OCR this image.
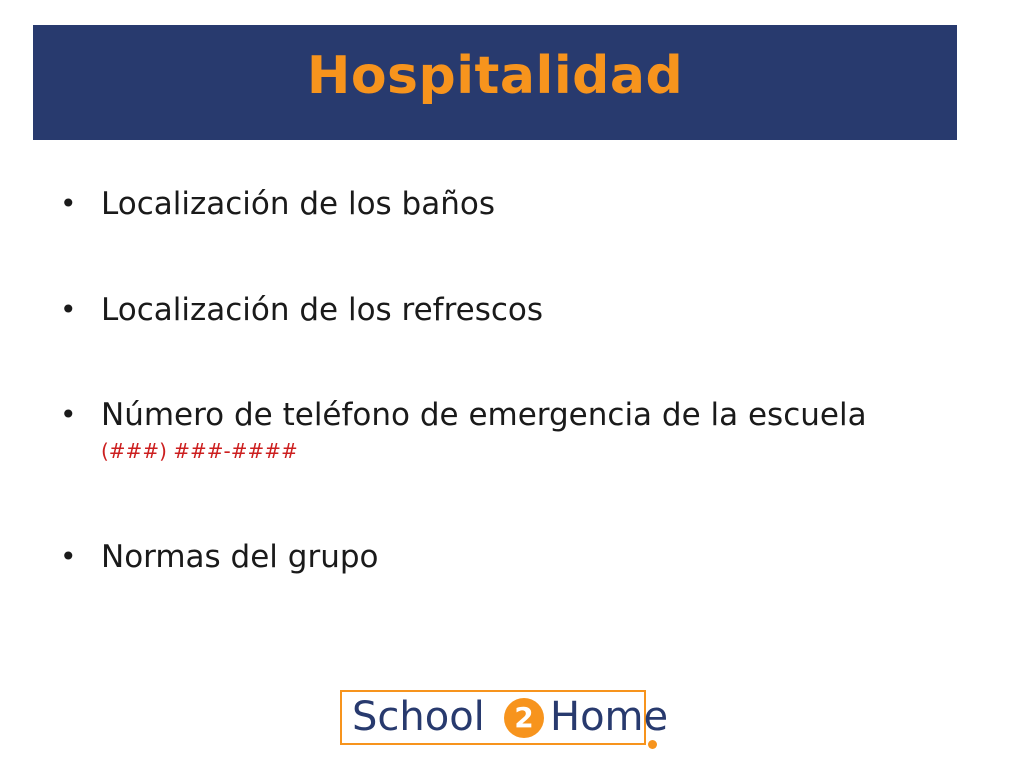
Hospitalidad
• Localización de los baños
• Localización de los refrescos
• Número de teléfono de emergencia de la escuela
(###) ###-####
• Normas del grupo
School	2 Home
